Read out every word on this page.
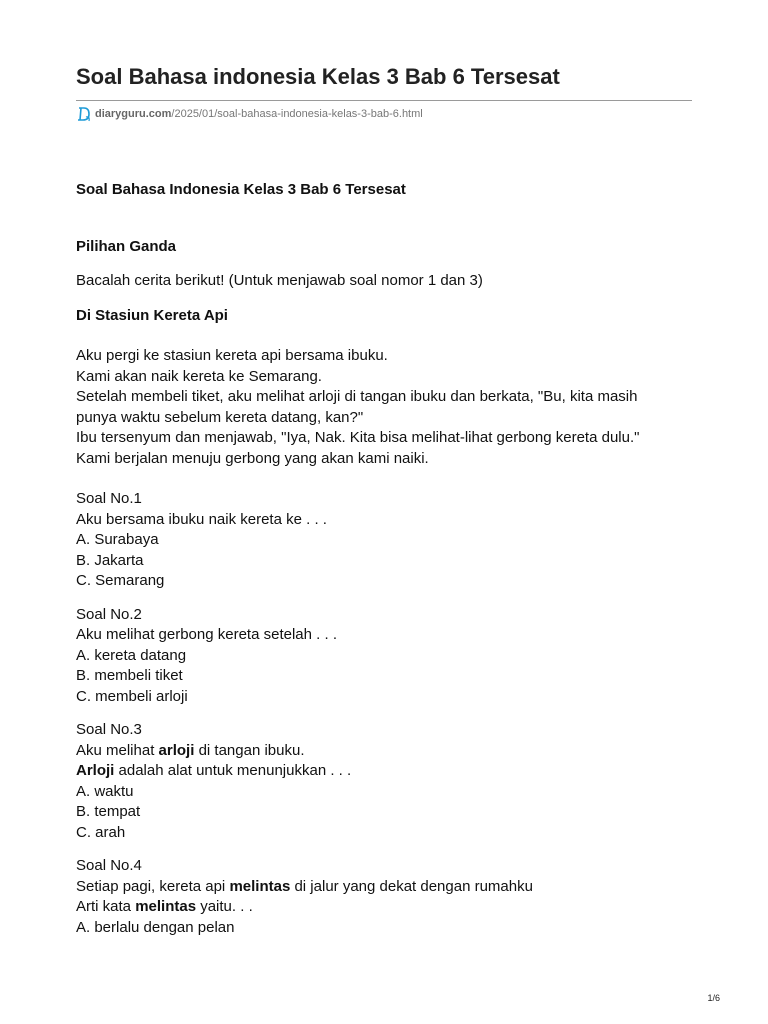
Soal Bahasa indonesia Kelas 3 Bab 6 Tersesat
diaryguru.com /2025/01/soal-bahasa-indonesia-kelas-3-bab-6.html

Soal Bahasa Indonesia Kelas 3 Bab 6 Tersesat

Pilihan Ganda

Bacalah cerita berikut! (Untuk menjawab soal nomor 1 dan 3)

Di Stasiun Kereta Api

Aku pergi ke stasiun kereta api bersama ibuku.

Kami akan naik kereta ke Semarang.

Setelah membeli tiket, aku melihat arloji di tangan ibuku dan berkata, "Bu, kita masih

punya waktu sebelum kereta datang, kan?"

Ibu tersenyum dan menjawab, "Iya, Nak. Kita bisa melihat-lihat gerbong kereta dulu."

Kami berjalan menuju gerbong yang akan kami naiki.

Soal No.1

Aku bersama ibuku naik kereta ke . . .

A. Surabaya

B. Jakarta

C. Semarang

Soal No.2

Aku melihat gerbong kereta setelah . . .

A. kereta datang

B. membeli tiket

C. membeli arloji

Soal No.3

Aku melihat arloji di tangan ibuku.

Arloji adalah alat untuk menunjukkan . . .

A. waktu

B. tempat

C. arah

Soal No.4

Setiap pagi, kereta api melintas di jalur yang dekat dengan rumahku

Arti kata melintas yaitu. . .

A. berlalu dengan pelan

1/6
